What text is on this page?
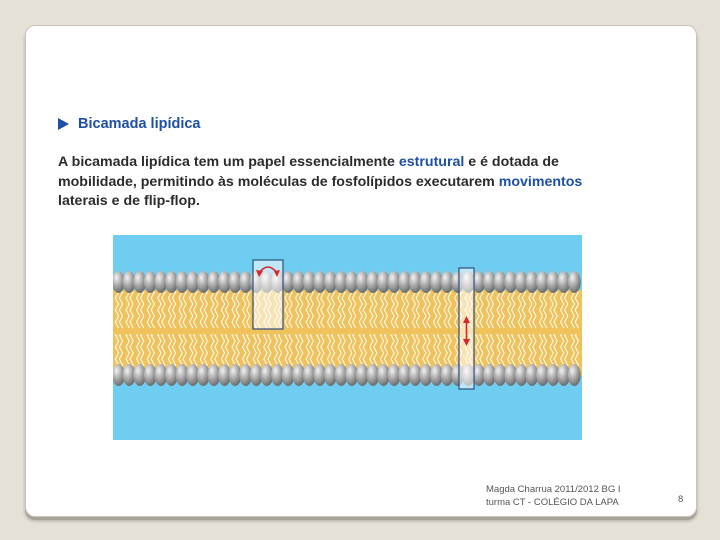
Bicamada lipídica
A bicamada lipídica tem um papel essencialmente estrutural e é dotada de mobilidade, permitindo às moléculas de fosfolípidos executarem movimentos laterais e de flip-flop.
Magda Charrua 2011/2012 BG I
turma CT - COLÉGIO DA LAPA	8
